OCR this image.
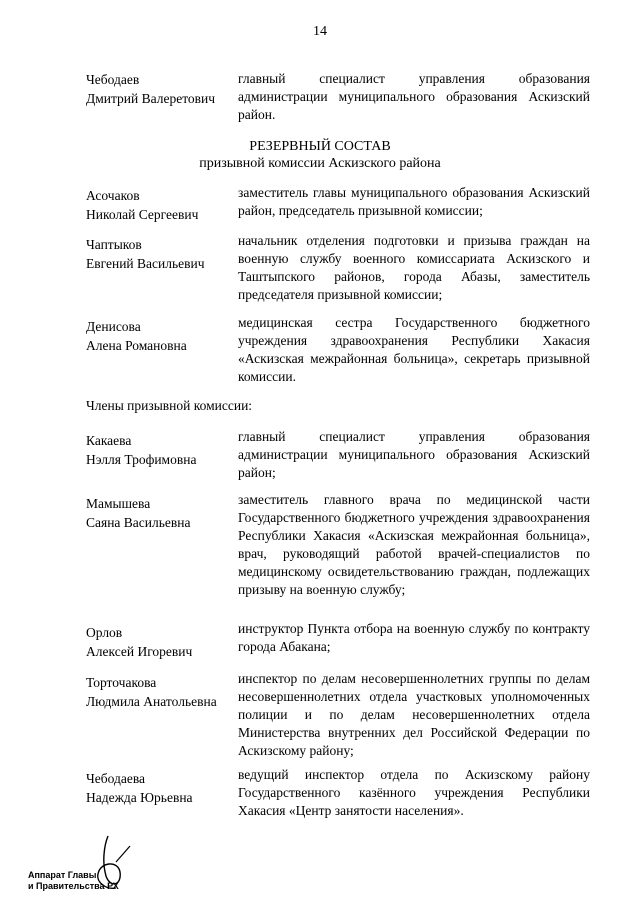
14
Чебодаев
Дмитрий Валеретович
главный специалист управления образования администрации муниципального образования Аскизский район.
РЕЗЕРВНЫЙ СОСТАВ
призывной комиссии Аскизского района
Асочаков
Николай Сергеевич
заместитель главы муниципального образования Аскизский район, председатель призывной комиссии;
Чаптыков
Евгений Васильевич
начальник отделения подготовки и призыва граждан на военную службу военного комиссариата Аскизского и Таштыпского районов, города Абазы, заместитель председателя призывной комиссии;
Денисова
Алена Романовна
медицинская сестра Государственного бюджетного учреждения здравоохранения Республики Хакасия «Аскизская межрайонная больница», секретарь призывной комиссии.
Члены призывной комиссии:
Какаева
Нэлля Трофимовна
главный специалист управления образования администрации муниципального образования Аскизский район;
Мамышева
Саяна Васильевна
заместитель главного врача по медицинской части Государственного бюджетного учреждения здравоохранения Республики Хакасия «Аскизская межрайонная больница», врач, руководящий работой врачей-специалистов по медицинскому освидетельствованию граждан, подлежащих призыву на военную службу;
Орлов
Алексей Игоревич
инструктор Пункта отбора на военную службу по контракту города Абакана;
Торточакова
Людмила Анатольевна
инспектор по делам несовершеннолетних группы по делам несовершеннолетних отдела участковых уполномоченных полиции и по делам несовершеннолетних отдела Министерства внутренних дел Российской Федерации по Аскизскому району;
Чебодаева
Надежда Юрьевна
ведущий инспектор отдела по Аскизскому району Государственного казённого учреждения Республики Хакасия «Центр занятости населения».
Аппарат Главы
и Правительства РХ
